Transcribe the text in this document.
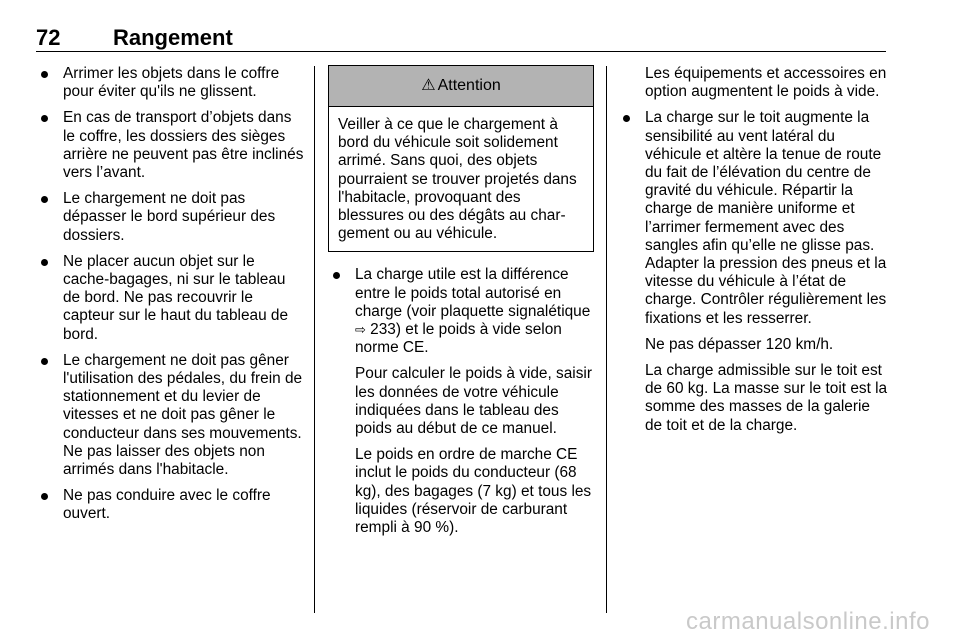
72 Rangement
Arrimer les objets dans le coffre pour éviter qu'ils ne glissent.
En cas de transport d’objets dans le coffre, les dossiers des sièges arrière ne peuvent pas être inclinés vers l’avant.
Le chargement ne doit pas dépasser le bord supérieur des dossiers.
Ne placer aucun objet sur le cache-bagages, ni sur le tableau de bord. Ne pas recouvrir le capteur sur le haut du tableau de bord.
Le chargement ne doit pas gêner l'utilisation des pédales, du frein de stationnement et du levier de vitesses et ne doit pas gêner le conducteur dans ses mouvements. Ne pas laisser des objets non arrimés dans l'habitacle.
Ne pas conduire avec le coffre ouvert.
⚠ Attention
Veiller à ce que le chargement à bord du véhicule soit solidement arrimé. Sans quoi, des objets pourraient se trouver projetés dans l'habitacle, provoquant des blessures ou des dégâts au chargement ou au véhicule.
La charge utile est la différence entre le poids total autorisé en charge (voir plaquette signalétique ⇨ 233) et le poids à vide selon norme CE.

Pour calculer le poids à vide, saisir les données de votre véhicule indiquées dans le tableau des poids au début de ce manuel.

Le poids en ordre de marche CE inclut le poids du conducteur (68 kg), des bagages (7 kg) et tous les liquides (réservoir de carburant rempli à 90 %).

Les équipements et accessoires en option augmentent le poids à vide.

La charge sur le toit augmente la sensibilité au vent latéral du véhicule et altère la tenue de route du fait de l’élévation du centre de gravité du véhicule. Répartir la charge de manière uniforme et l’arrimer fermement avec des sangles afin qu’elle ne glisse pas. Adapter la pression des pneus et la vitesse du véhicule à l’état de charge. Contrôler régulièrement les fixations et les resserrer.

Ne pas dépasser 120 km/h.

La charge admissible sur le toit est de 60 kg. La masse sur le toit est la somme des masses de la galerie de toit et de la charge.

carmanualsonline.info
